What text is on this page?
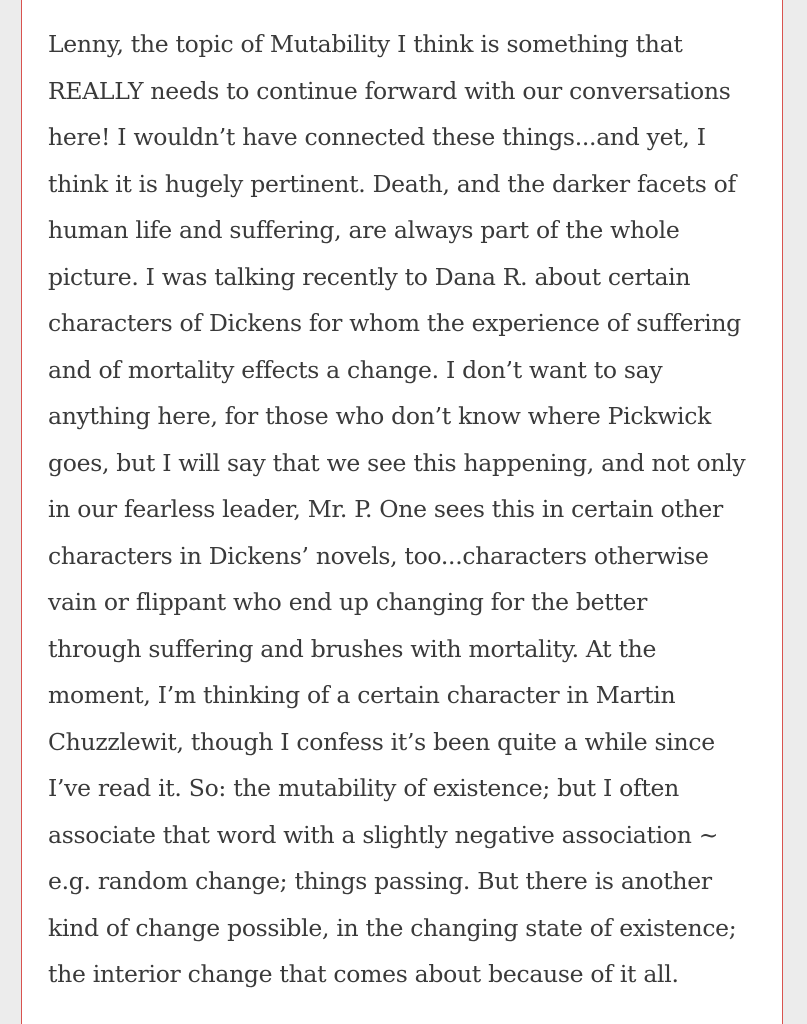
Lenny, the topic of Mutability I think is something that
REALLY needs to continue forward with our conversations
here! I wouldn’t have connected these things...and yet, I
think it is hugely pertinent. Death, and the darker facets of
human life and suffering, are always part of the whole
picture. I was talking recently to Dana R. about certain
characters of Dickens for whom the experience of suffering
and of mortality effects a change. I don’t want to say
anything here, for those who don’t know where Pickwick
goes, but I will say that we see this happening, and not only
in our fearless leader, Mr. P. One sees this in certain other
characters in Dickens’ novels, too...characters otherwise
vain or flippant who end up changing for the better
through suffering and brushes with mortality. At the
moment, I’m thinking of a certain character in Martin
Chuzzlewit, though I confess it’s been quite a while since
I’ve read it. So: the mutability of existence; but I often
associate that word with a slightly negative association ~
e.g. random change; things passing. But there is another
kind of change possible, in the changing state of existence;
the interior change that comes about because of it all.
